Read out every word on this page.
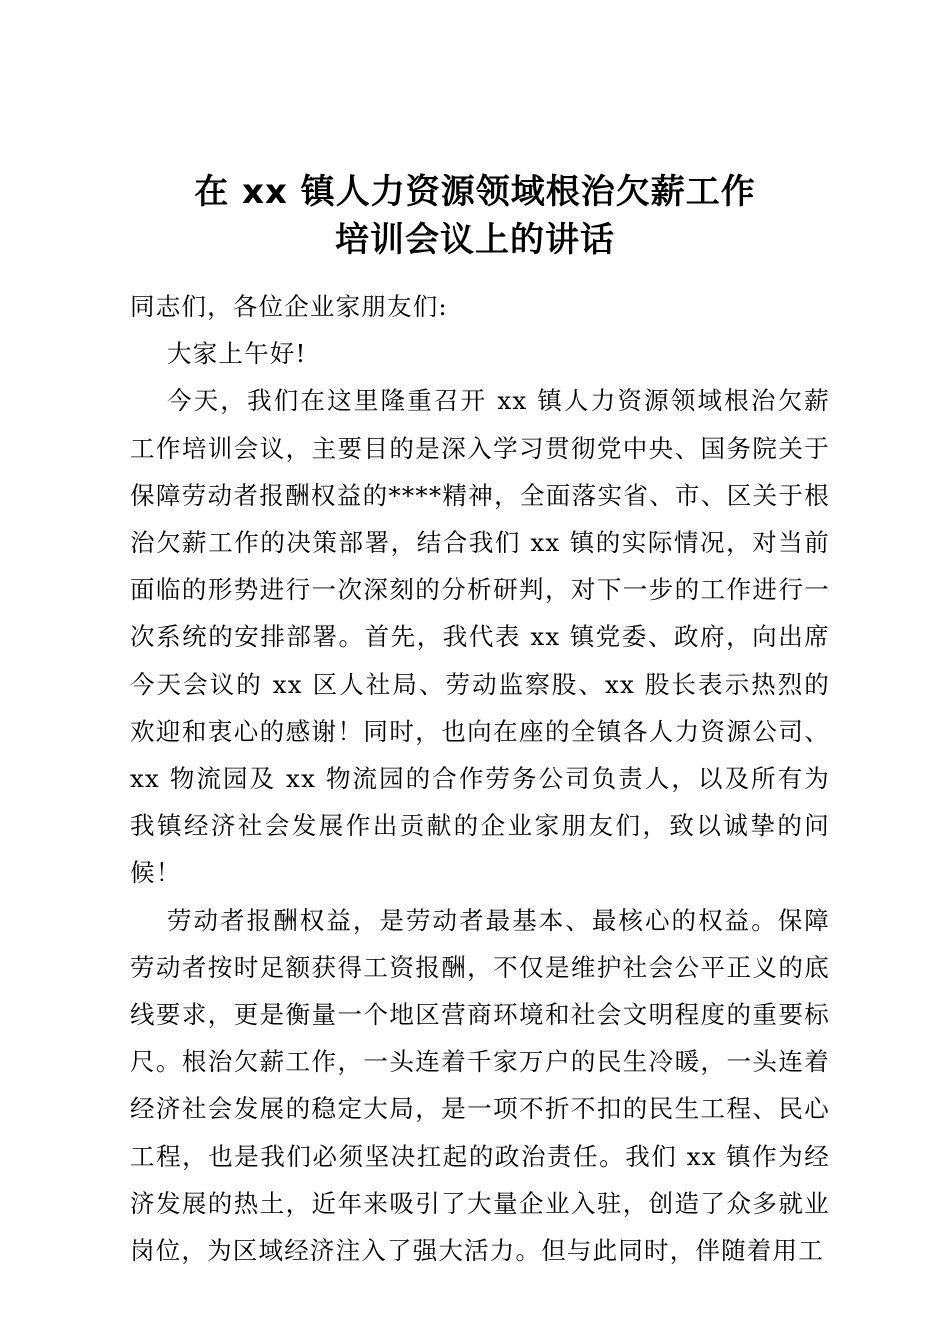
在 xx 镇人力资源领域根治欠薪工作
培训会议上的讲话

同志们，各位企业家朋友们:

大家上午好!

今天，我们在这里隆重召开 xx 镇人力资源领域根治欠薪工作培训会议，主要目的是深入学习贯彻党中央、国务院关于保障劳动者报酬权益的****精神，全面落实省、市、区关于根治欠薪工作的决策部署，结合我们 xx 镇的实际情况，对当前面临的形势进行一次深刻的分析研判，对下一步的工作进行一次系统的安排部署。首先，我代表 xx 镇党委、政府，向出席今天会议的 xx 区人社局、劳动监察股、xx 股长表示热烈的欢迎和衷心的感谢！同时，也向在座的全镇各人力资源公司、xx 物流园及 xx 物流园的合作劳务公司负责人，以及所有为我镇经济社会发展作出贡献的企业家朋友们，致以诚挚的问候！

劳动者报酬权益，是劳动者最基本、最核心的权益。保障劳动者按时足额获得工资报酬，不仅是维护社会公平正义的底线要求，更是衡量一个地区营商环境和社会文明程度的重要标尺。根治欠薪工作，一头连着千家万户的民生冷暖，一头连着经济社会发展的稳定大局，是一项不折不扣的民生工程、民心工程，也是我们必须坚决扛起的政治责任。我们 xx 镇作为经济发展的热土，近年来吸引了大量企业入驻，创造了众多就业岗位，为区域经济注入了强大活力。但与此同时，伴随着用工
